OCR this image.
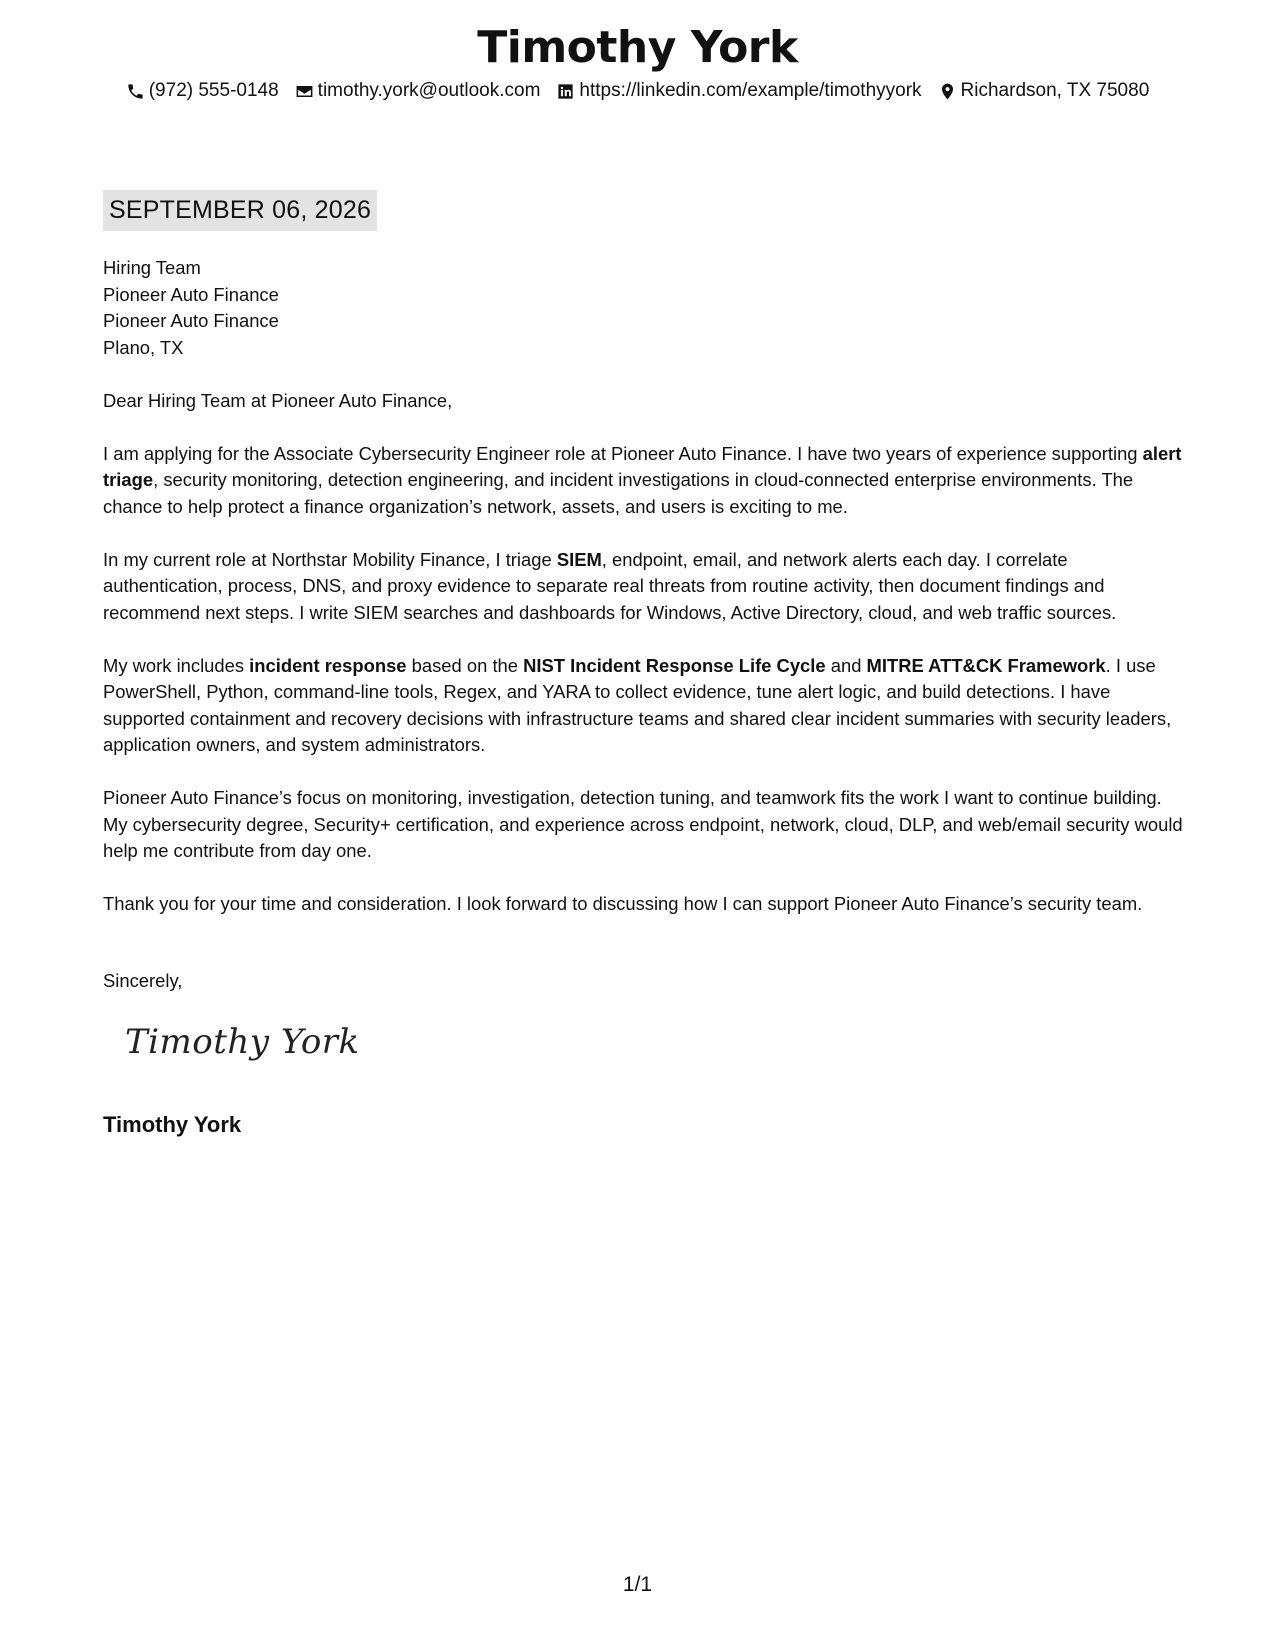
Timothy York
(972) 555-0148 timothy.york@outlook.com https://linkedin.com/example/timothyyork Richardson, TX 75080
SEPTEMBER 06, 2026
Hiring Team
Pioneer Auto Finance
Pioneer Auto Finance
Plano, TX

Dear Hiring Team at Pioneer Auto Finance,

I am applying for the Associate Cybersecurity Engineer role at Pioneer Auto Finance. I have two years of experience supporting alert triage, security monitoring, detection engineering, and incident investigations in cloud-connected enterprise environments. The chance to help protect a finance organization’s network, assets, and users is exciting to me.

In my current role at Northstar Mobility Finance, I triage SIEM, endpoint, email, and network alerts each day. I correlate authentication, process, DNS, and proxy evidence to separate real threats from routine activity, then document findings and recommend next steps. I write SIEM searches and dashboards for Windows, Active Directory, cloud, and web traffic sources.

My work includes incident response based on the NIST Incident Response Life Cycle and MITRE ATT&CK Framework. I use PowerShell, Python, command-line tools, Regex, and YARA to collect evidence, tune alert logic, and build detections. I have supported containment and recovery decisions with infrastructure teams and shared clear incident summaries with security leaders, application owners, and system administrators.

Pioneer Auto Finance’s focus on monitoring, investigation, detection tuning, and teamwork fits the work I want to continue building. My cybersecurity degree, Security+ certification, and experience across endpoint, network, cloud, DLP, and web/email security would help me contribute from day one.

Thank you for your time and consideration. I look forward to discussing how I can support Pioneer Auto Finance’s security team.

Sincerely,
Timothy York
Timothy York
1/1
